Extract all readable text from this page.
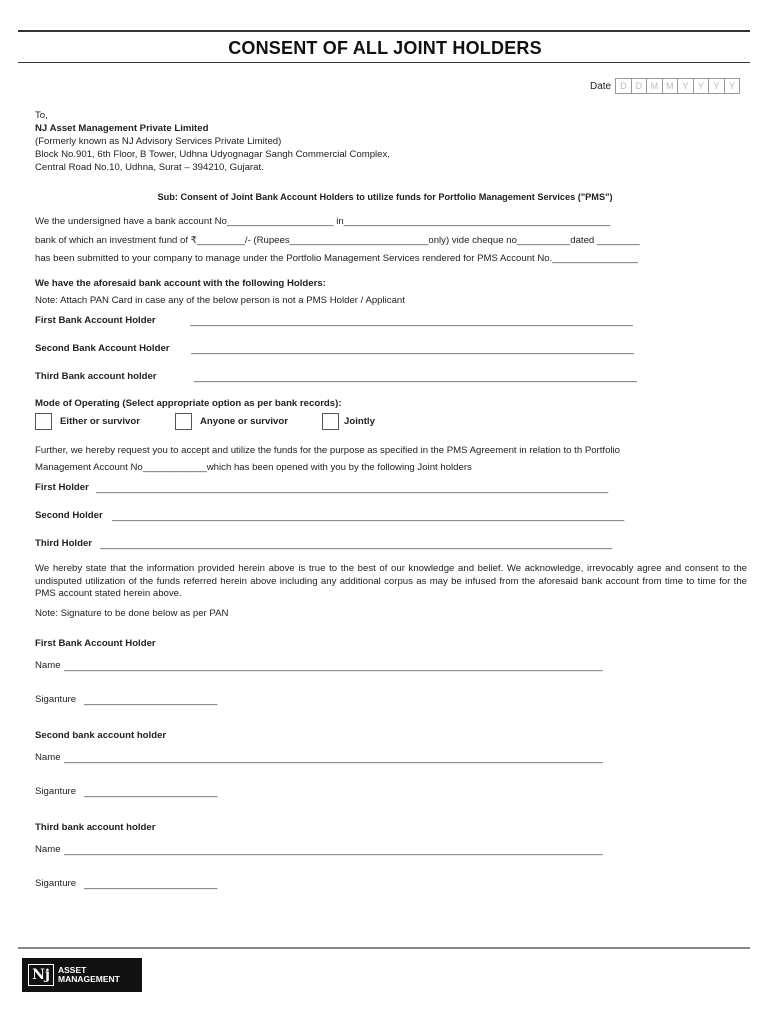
CONSENT OF ALL JOINT HOLDERS
Date	D	D M M Y	Y	Y	Y
To,
NJ Asset Management Private Limited
(Formerly known as NJ Advisory Services Private Limited)
Block No.901, 6th Floor, B Tower, Udhna Udyognagar Sangh Commercial Complex,
Central Road No.10, Udhna, Surat – 394210, Gujarat.
Sub: Consent of Joint Bank Account Holders to utilize funds for Portfolio Management Services ("PMS")
We the undersigned have a bank account No____________________ in__________________________________________________
bank of which an investment fund of ₹_________/- (Rupees__________________________only) vide cheque no__________dated ________
has been submitted to your company to manage under the Portfolio Management Services rendered for PMS Account No.________________
We have the aforesaid bank account with the following Holders:
Note: Attach PAN Card in case any of the below person is not a PMS Holder / Applicant
First Bank Account Holder	___________________________________________________________________________________
Second Bank Account Holder ___________________________________________________________________________________
Third Bank account holder	___________________________________________________________________________________
Mode of Operating (Select appropriate option as per bank records):
Either or survivor	Anyone or survivor	Jointly
Further, we hereby request you to accept and utilize the funds for the purpose as specified in the PMS Agreement in relation to th Portfolio
Management Account No____________which has been opened with you by the following Joint holders
First Holder ________________________________________________________________________________________________
Second Holder ________________________________________________________________________________________________
Third Holder ________________________________________________________________________________________________
We hereby state that the information provided herein above is true to the best of our knowledge and belief. We acknowledge, irrevocably agree and consent to the undisputed utilization of the funds referred herein above including any additional corpus as may be infused from the aforesaid bank account from time to time for the PMS account stated herein above.
Note: Signature to be done below as per PAN
First Bank Account Holder
Name _____________________________________________________________________________________________________
Siganture _________________________
Second bank account holder
Name _____________________________________________________________________________________________________
Siganture _________________________
Third bank account holder
Name _____________________________________________________________________________________________________
Siganture _________________________
Nj ASSET
MANAGEMENT
